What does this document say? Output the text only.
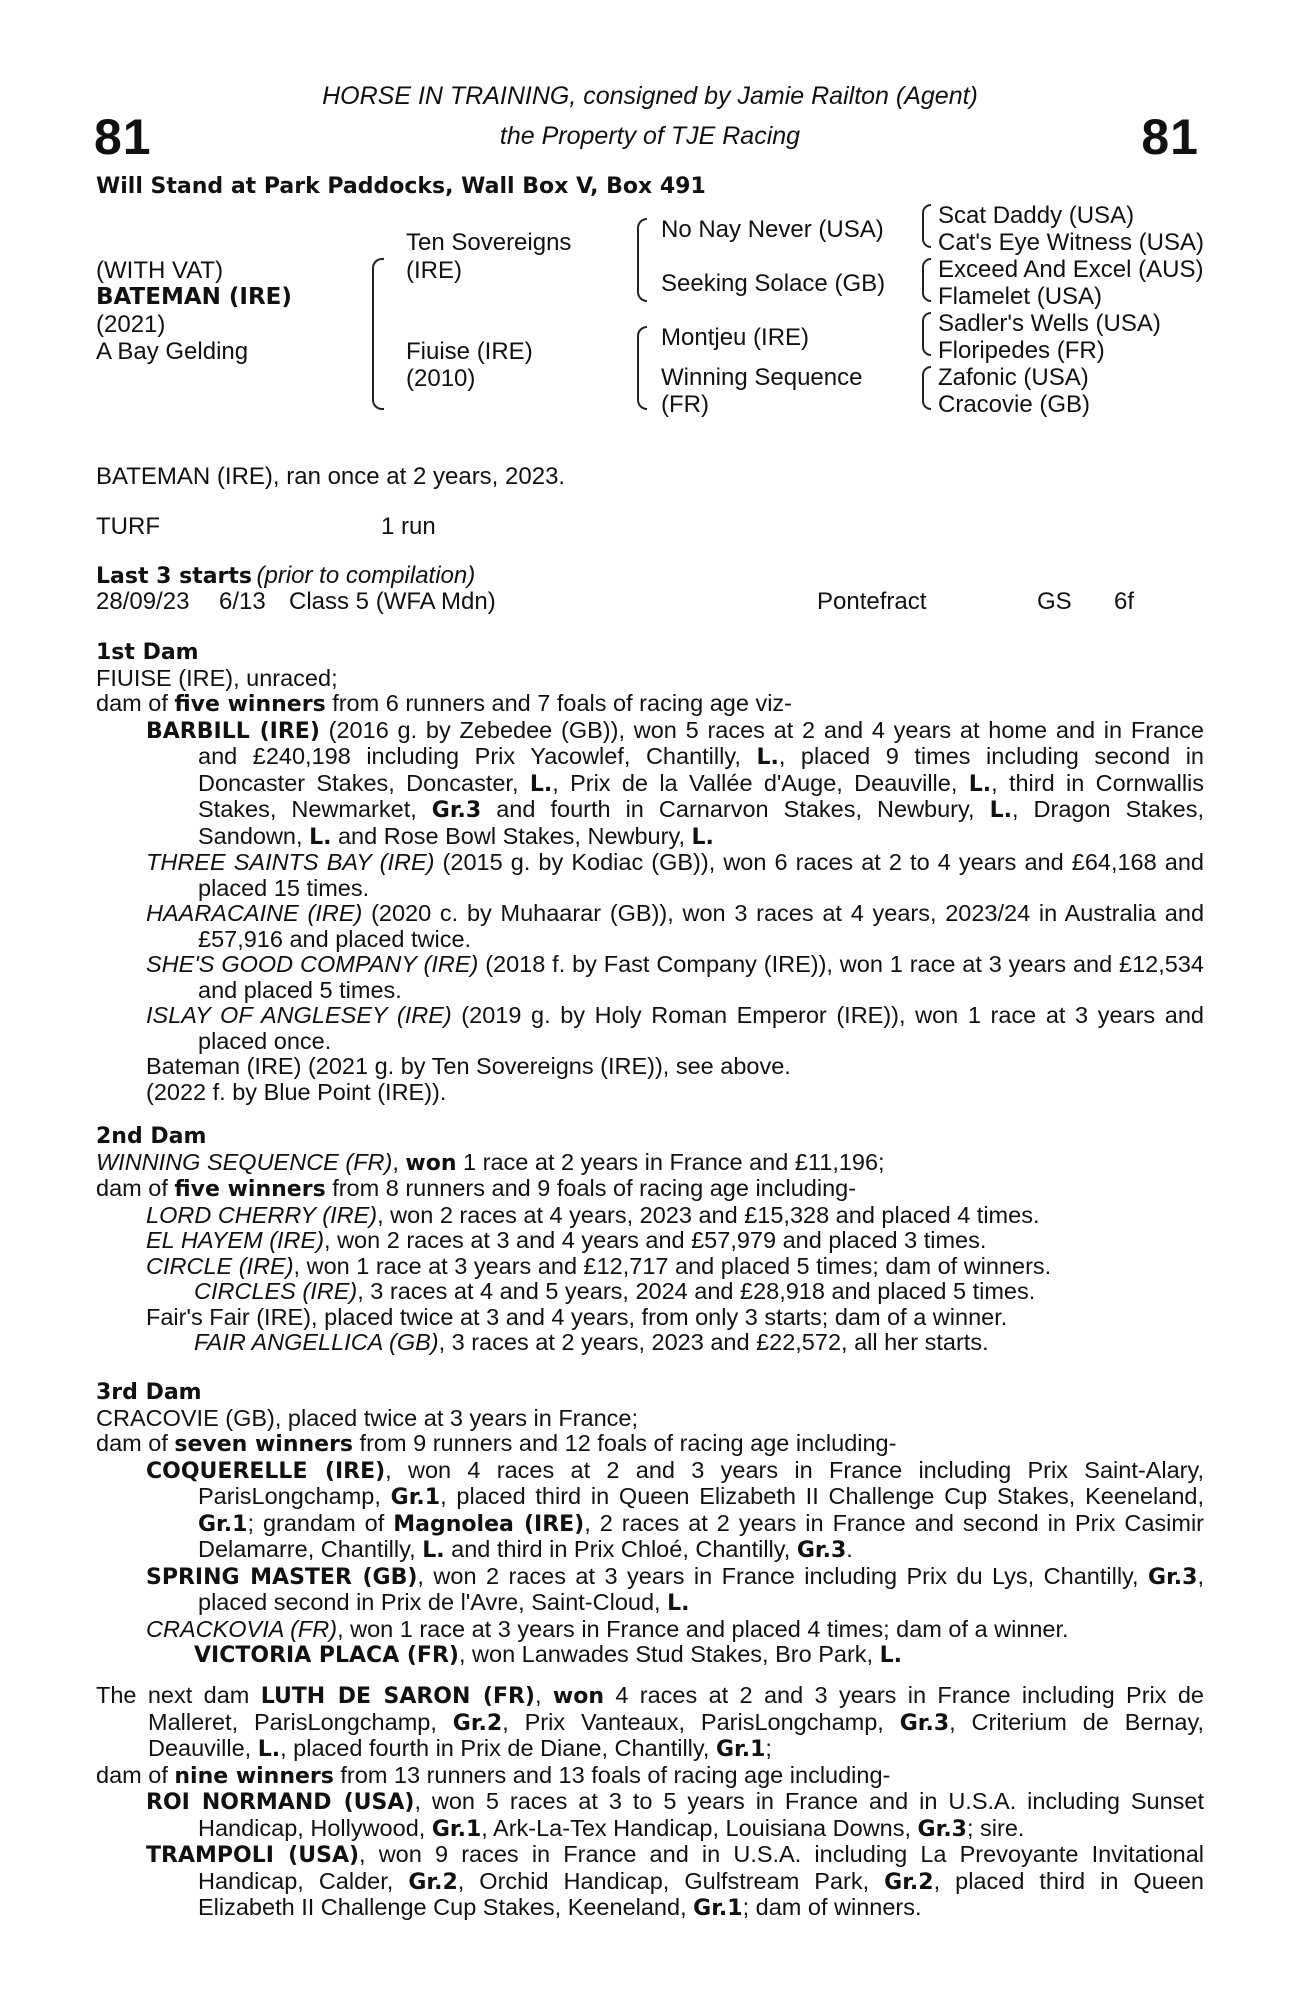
81	81
HORSE IN TRAINING, consigned by Jamie Railton (Agent)
the Property of TJE Racing
Will Stand at Park Paddocks, Wall Box V, Box 491
(WITH VAT)
BATEMAN (IRE)
(2021)
A Bay Gelding
Ten Sovereigns
(IRE)
Fiuise (IRE)
(2010)
No Nay Never (USA)
Seeking Solace (GB)
Montjeu (IRE)
Winning Sequence
(FR)
Scat Daddy (USA)
Cat's Eye Witness (USA)
Exceed And Excel (AUS)
Flamelet (USA)
Sadler's Wells (USA)
Floripedes (FR)
Zafonic (USA)
Cracovie (GB)
BATEMAN (IRE), ran once at 2 years, 2023.
TURF	1 run
Last 3 starts (prior to compilation)
28/09/23 6/13 Class 5 (WFA Mdn)	Pontefract	GS 6f

1st Dam

FIUISE (IRE), unraced;

dam of five winners from 6 runners and 7 foals of racing age viz-

BARBILL (IRE) (2016 g. by Zebedee (GB)), won 5 races at 2 and 4 years at home and in France and £240,198 including Prix Yacowlef, Chantilly, L., placed 9 times including second in Doncaster Stakes, Doncaster, L., Prix de la Vallée d'Auge, Deauville, L., third in Cornwallis Stakes, Newmarket, Gr.3 and fourth in Carnarvon Stakes, Newbury, L., Dragon Stakes, Sandown, L. and Rose Bowl Stakes, Newbury, L.

THREE SAINTS BAY (IRE) (2015 g. by Kodiac (GB)), won 6 races at 2 to 4 years and £64,168 and placed 15 times.

HAARACAINE (IRE) (2020 c. by Muhaarar (GB)), won 3 races at 4 years, 2023/24 in Australia and £57,916 and placed twice.

SHE'S GOOD COMPANY (IRE) (2018 f. by Fast Company (IRE)), won 1 race at 3 years and £12,534 and placed 5 times.

ISLAY OF ANGLESEY (IRE) (2019 g. by Holy Roman Emperor (IRE)), won 1 race at 3 years and placed once.

Bateman (IRE) (2021 g. by Ten Sovereigns (IRE)), see above.

(2022 f. by Blue Point (IRE)).

2nd Dam

WINNING SEQUENCE (FR), won 1 race at 2 years in France and £11,196;

dam of five winners from 8 runners and 9 foals of racing age including-

LORD CHERRY (IRE), won 2 races at 4 years, 2023 and £15,328 and placed 4 times.

EL HAYEM (IRE), won 2 races at 3 and 4 years and £57,979 and placed 3 times.

CIRCLE (IRE), won 1 race at 3 years and £12,717 and placed 5 times; dam of winners.

CIRCLES (IRE), 3 races at 4 and 5 years, 2024 and £28,918 and placed 5 times.

Fair's Fair (IRE), placed twice at 3 and 4 years, from only 3 starts; dam of a winner.

FAIR ANGELLICA (GB), 3 races at 2 years, 2023 and £22,572, all her starts.

3rd Dam

CRACOVIE (GB), placed twice at 3 years in France;

dam of seven winners from 9 runners and 12 foals of racing age including-

COQUERELLE (IRE), won 4 races at 2 and 3 years in France including Prix Saint-Alary, ParisLongchamp, Gr.1, placed third in Queen Elizabeth II Challenge Cup Stakes, Keeneland, Gr.1; grandam of Magnolea (IRE), 2 races at 2 years in France and second in Prix Casimir Delamarre, Chantilly, L. and third in Prix Chloé, Chantilly, Gr.3.

SPRING MASTER (GB), won 2 races at 3 years in France including Prix du Lys, Chantilly, Gr.3, placed second in Prix de l'Avre, Saint-Cloud, L.

CRACKOVIA (FR), won 1 race at 3 years in France and placed 4 times; dam of a winner.

VICTORIA PLACA (FR), won Lanwades Stud Stakes, Bro Park, L.

The next dam LUTH DE SARON (FR), won 4 races at 2 and 3 years in France including Prix de Malleret, ParisLongchamp, Gr.2, Prix Vanteaux, ParisLongchamp, Gr.3, Criterium de Bernay, Deauville, L., placed fourth in Prix de Diane, Chantilly, Gr.1;

dam of nine winners from 13 runners and 13 foals of racing age including-

ROI NORMAND (USA), won 5 races at 3 to 5 years in France and in U.S.A. including Sunset Handicap, Hollywood, Gr.1, Ark-La-Tex Handicap, Louisiana Downs, Gr.3; sire.

TRAMPOLI (USA), won 9 races in France and in U.S.A. including La Prevoyante Invitational Handicap, Calder, Gr.2, Orchid Handicap, Gulfstream Park, Gr.2, placed third in Queen Elizabeth II Challenge Cup Stakes, Keeneland, Gr.1; dam of winners.
